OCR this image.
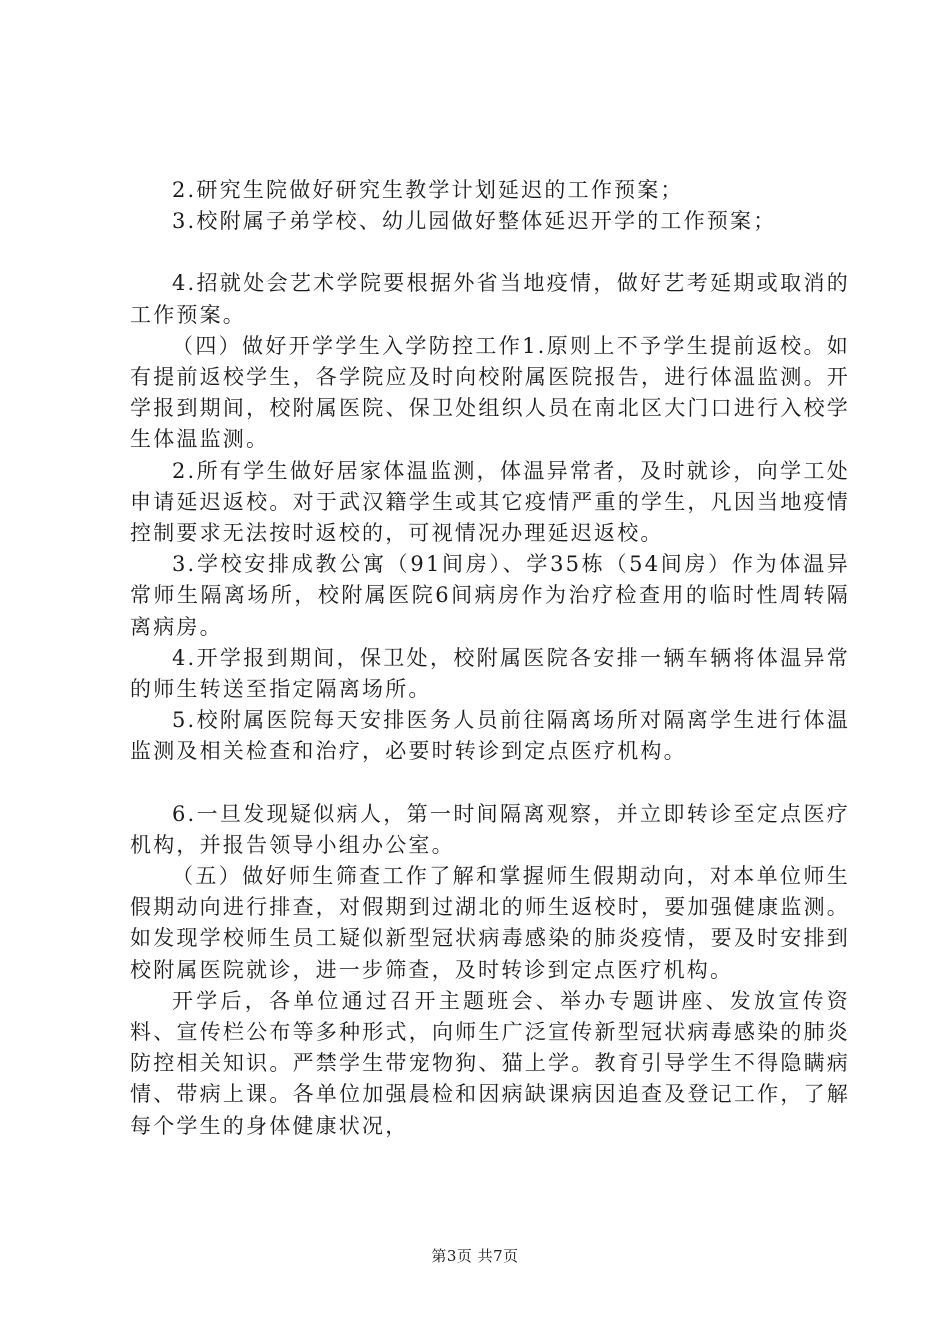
2.研究生院做好研究生教学计划延迟的工作预案；

3.校附属子弟学校、幼儿园做好整体延迟开学的工作预案；

4.招就处会艺术学院要根据外省当地疫情，做好艺考延期或取消的工作预案。

（四）做好开学学生入学防控工作1.原则上不予学生提前返校。如有提前返校学生，各学院应及时向校附属医院报告，进行体温监测。开学报到期间，校附属医院、保卫处组织人员在南北区大门口进行入校学生体温监测。

2.所有学生做好居家体温监测，体温异常者，及时就诊，向学工处申请延迟返校。对于武汉籍学生或其它疫情严重的学生，凡因当地疫情控制要求无法按时返校的，可视情况办理延迟返校。

3.学校安排成教公寓（91间房）、学35栋（54间房）作为体温异常师生隔离场所，校附属医院6间病房作为治疗检查用的临时性周转隔离病房。

4.开学报到期间，保卫处，校附属医院各安排一辆车辆将体温异常的师生转送至指定隔离场所。

5.校附属医院每天安排医务人员前往隔离场所对隔离学生进行体温监测及相关检查和治疗，必要时转诊到定点医疗机构。

6.一旦发现疑似病人，第一时间隔离观察，并立即转诊至定点医疗机构，并报告领导小组办公室。

（五）做好师生筛查工作了解和掌握师生假期动向，对本单位师生假期动向进行排查，对假期到过湖北的师生返校时，要加强健康监测。如发现学校师生员工疑似新型冠状病毒感染的肺炎疫情，要及时安排到校附属医院就诊，进一步筛查，及时转诊到定点医疗机构。

开学后，各单位通过召开主题班会、举办专题讲座、发放宣传资料、宣传栏公布等多种形式，向师生广泛宣传新型冠状病毒感染的肺炎防控相关知识。严禁学生带宠物狗、猫上学。教育引导学生不得隐瞒病情、带病上课。各单位加强晨检和因病缺课病因追查及登记工作，了解每个学生的身体健康状况，

第3页 共7页
